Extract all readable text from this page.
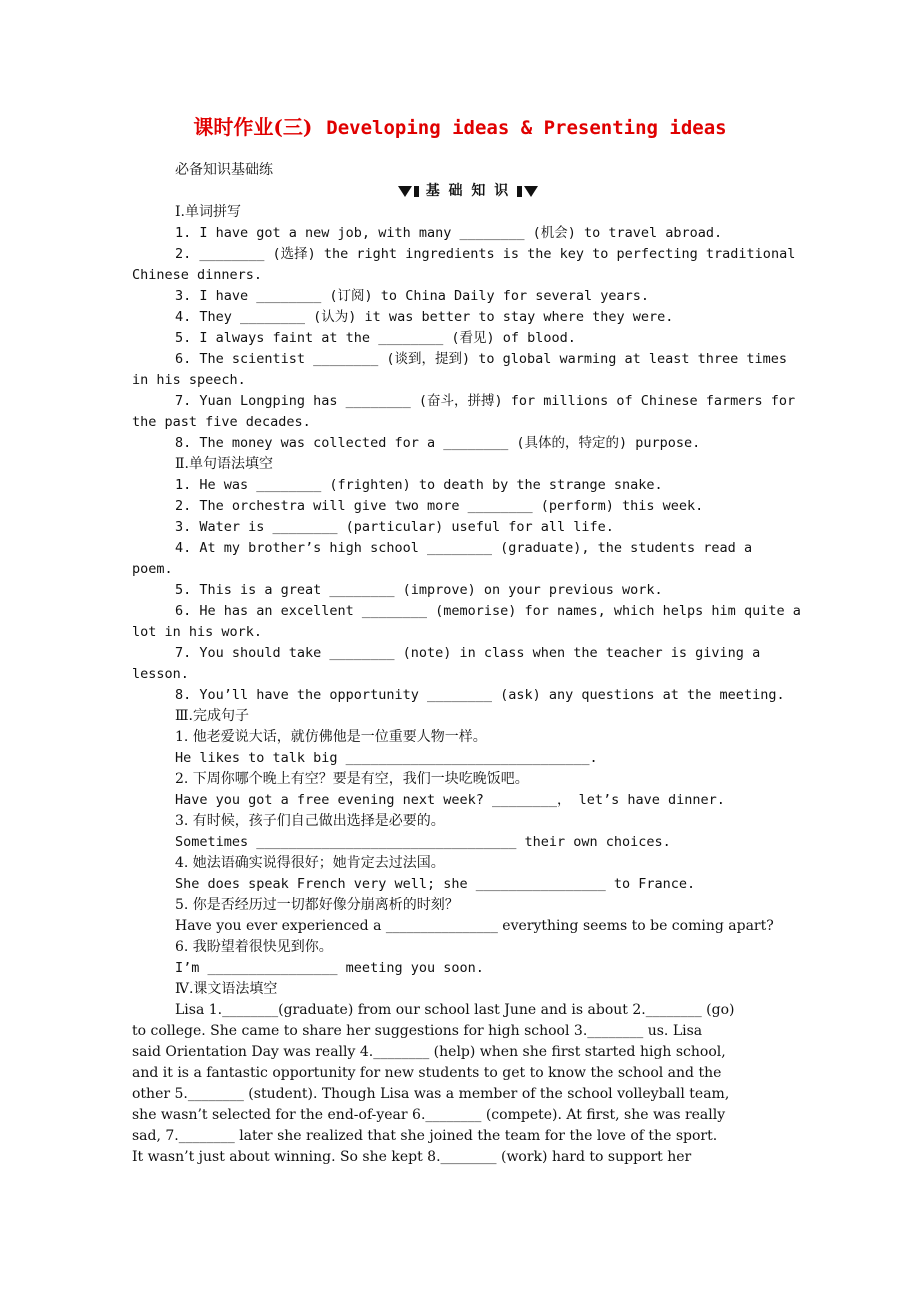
课时作业(三) Developing ideas & Presenting ideas
必备知识基础练
基 础 知 识
Ⅰ.单词拼写
1. I have got a new job, with many ________ (机会) to travel abroad.
2. ________ (选择) the right ingredients is the key to perfecting traditional
Chinese dinners.
3. I have ________ (订阅) to China Daily for several years.
4. They ________ (认为) it was better to stay where they were.
5. I always faint at the ________ (看见) of blood.
6. The scientist ________ (谈到，提到) to global warming at least three times
in his speech.
7. Yuan Longping has ________ (奋斗，拼搏) for millions of Chinese farmers for
the past five decades.
8. The money was collected for a ________ (具体的，特定的) purpose.
Ⅱ.单句语法填空
1. He was ________ (frighten) to death by the strange snake.
2. The orchestra will give two more ________ (perform) this week.
3. Water is ________ (particular) useful for all life.
4. At my brother’s high school ________ (graduate), the students read a
poem.
5. This is a great ________ (improve) on your previous work.
6. He has an excellent ________ (memorise) for names, which helps him quite a
lot in his work.
7. You should take ________ (note) in class when the teacher is giving a
lesson.
8. You’ll have the opportunity ________ (ask) any questions at the meeting.
Ⅲ.完成句子
1. 他老爱说大话，就仿佛他是一位重要人物一样。
He likes to talk big ______________________________.
2. 下周你哪个晚上有空？要是有空，我们一块吃晚饭吧。
Have you got a free evening next week? ________， let’s have dinner.
3. 有时候，孩子们自己做出选择是必要的。
Sometimes ________________________________ their own choices.
4. 她法语确实说得很好；她肯定去过法国。
She does speak French very well; she ________________ to France.
5. 你是否经历过一切都好像分崩离析的时刻？
Have you ever experienced a ________________ everything seems to be coming apart?
6. 我盼望着很快见到你。
I’m ________________ meeting you soon.
Ⅳ.课文语法填空
Lisa 1.________(graduate) from our school last June and is about 2.________ (go)
to college. She came to share her suggestions for high school 3.________ us. Lisa
said Orientation Day was really 4.________ (help) when she first started high school,
and it is a fantastic opportunity for new students to get to know the school and the
other 5.________ (student). Though Lisa was a member of the school volleyball team,
she wasn’t selected for the end-of-year 6.________ (compete). At first, she was really
sad, 7.________ later she realized that she joined the team for the love of the sport.
It wasn’t just about winning. So she kept 8.________ (work) hard to support her
